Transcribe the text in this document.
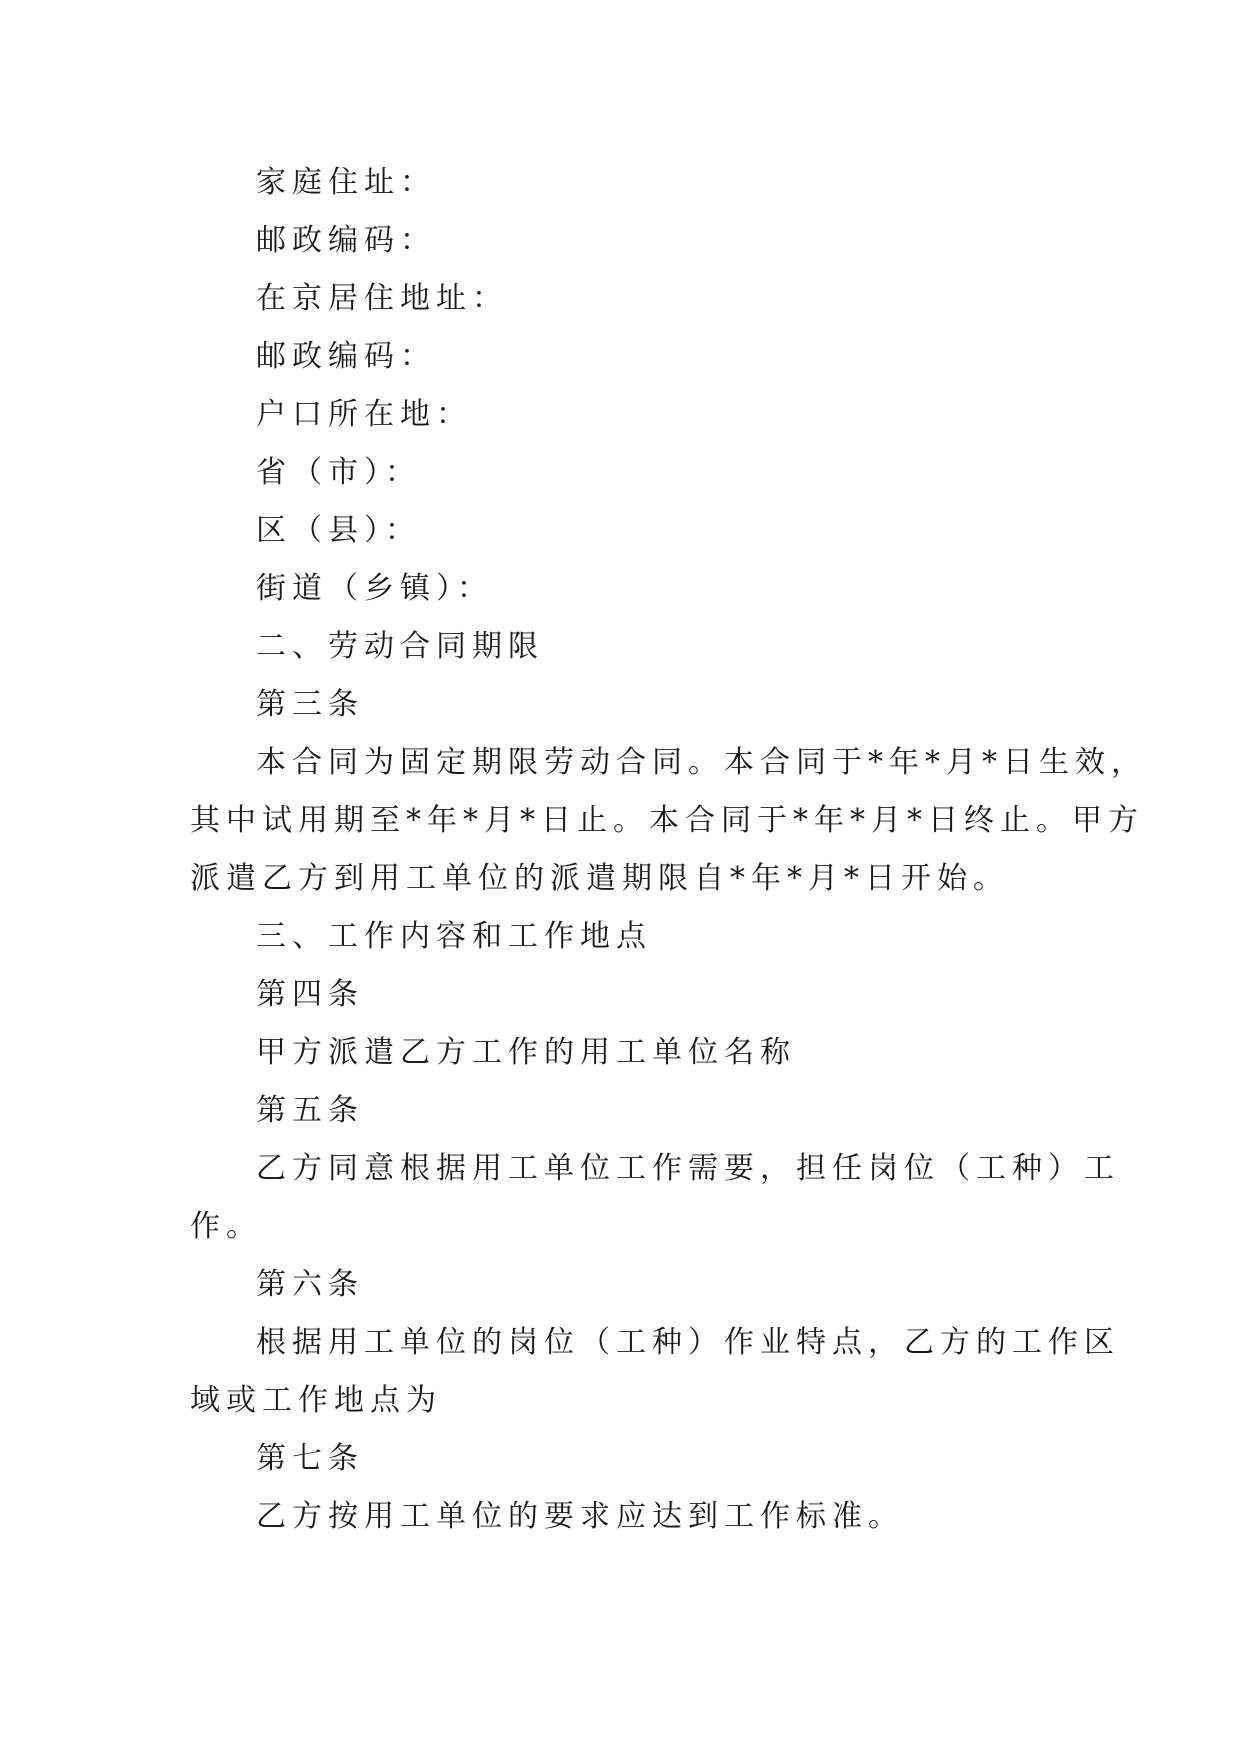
家庭住址：
邮政编码：
在京居住地址：
邮政编码：
户口所在地：
省（市）：
区（县）：
街道（乡镇）：
二、劳动合同期限
第三条
本合同为固定期限劳动合同。本合同于*年*月*日生效，
其中试用期至*年*月*日止。本合同于*年*月*日终止。甲方
派遣乙方到用工单位的派遣期限自*年*月*日开始。
三、工作内容和工作地点
第四条
甲方派遣乙方工作的用工单位名称
第五条
乙方同意根据用工单位工作需要，担任岗位（工种）工
作。
第六条
根据用工单位的岗位（工种）作业特点，乙方的工作区
域或工作地点为
第七条
乙方按用工单位的要求应达到工作标准。
